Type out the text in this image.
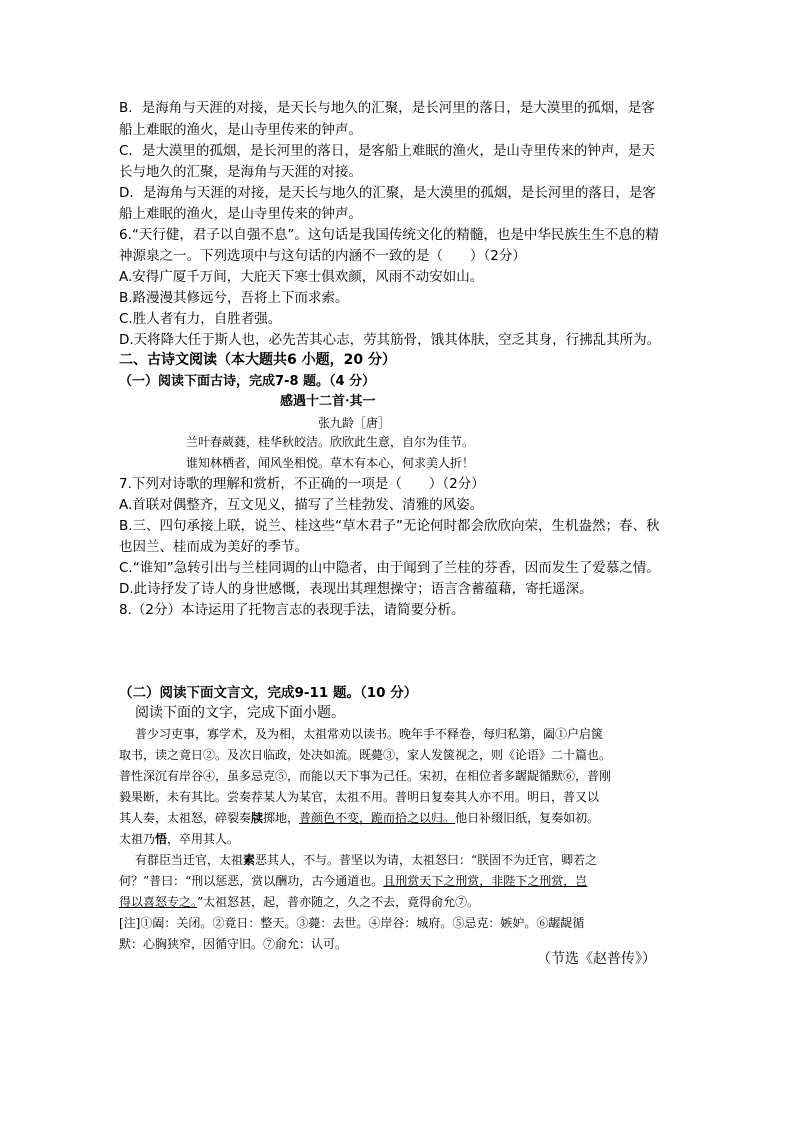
B．是海角与天涯的对接，是天长与地久的汇聚，是长河里的落日，是大漠里的孤烟，是客
船上难眠的渔火，是山寺里传来的钟声。
C．是大漠里的孤烟，是长河里的落日，是客船上难眠的渔火，是山寺里传来的钟声，是天
长与地久的汇聚，是海角与天涯的对接。
D．是海角与天涯的对接，是天长与地久的汇聚，是大漠里的孤烟，是长河里的落日，是客
船上难眠的渔火，是山寺里传来的钟声。
6.“天行健，君子以自强不息”。这句话是我国传统文化的精髓，也是中华民族生生不息的精
神源泉之一。下列选项中与这句话的内涵不一致的是（　　）（2分）
A.安得广厦千万间，大庇天下寒士俱欢颜，风雨不动安如山。
B.路漫漫其修远兮，吾将上下而求索。
C.胜人者有力，自胜者强。
D.天将降大任于斯人也，必先苦其心志，劳其筋骨，饿其体肤，空乏其身，行拂乱其所为。
二、古诗文阅读（本大题共6 小题，20 分）
（一）阅读下面古诗，完成7-8 题。（4 分）
感遇十二首·其一
张九龄［唐］
兰叶春葳蕤，桂华秋皎洁。欣欣此生意，自尔为佳节。
谁知林栖者，闻风坐相悦。草木有本心，何求美人折！
7.下列对诗歌的理解和赏析，不正确的一项是（　　）（2分）
A.首联对偶整齐，互文见义，描写了兰桂勃发、清雅的风姿。
B.三、四句承接上联，说兰、桂这些“草木君子”无论何时都会欣欣向荣，生机盎然；春、秋
也因兰、桂而成为美好的季节。
C.“谁知”急转引出与兰桂同调的山中隐者，由于闻到了兰桂的芬香，因而发生了爱慕之情。
D.此诗抒发了诗人的身世感慨，表现出其理想操守；语言含蓄蕴藉，寄托遥深。
8.（2分）本诗运用了托物言志的表现手法，请简要分析。
（二）阅读下面文言文，完成9-11 题。（10 分）
阅读下面的文字，完成下面小题。
普少习吏事，寡学术，及为相，太祖常劝以读书。晚年手不释卷，每归私第，阖①户启箧
取书，读之竟日②。及次日临政，处决如流。既薨③，家人发箧视之，则《论语》二十篇也。
普性深沉有岸谷④，虽多忌克⑤，而能以天下事为己任。宋初，在相位者多龌龊循默⑥，普刚
毅果断，未有其比。尝奏荐某人为某官，太祖不用。普明日复奏其人亦不用。明日，普又以
其人奏，太祖怒，碎裂奏牍掷地，普颜色不变，跪而拾之以归。他日补缀旧纸，复奏如初。
太祖乃悟，卒用其人。
有群臣当迁官，太祖素恶其人，不与。普坚以为请，太祖怒曰：“朕固不为迁官，卿若之
何？”普曰：“刑以惩恶，赏以酬功，古今通道也。且刑赏天下之刑赏，非陛下之刑赏，岂
得以喜怒专之。”太祖怒甚，起，普亦随之，久之不去，竟得俞允⑦。
[注]①阖：关闭。②竟日：整天。③薨：去世。④岸谷：城府。⑤忌克：嫉妒。⑥龌龊循
默：心胸狭窄，因循守旧。⑦俞允：认可。
（节选《赵普传》）
